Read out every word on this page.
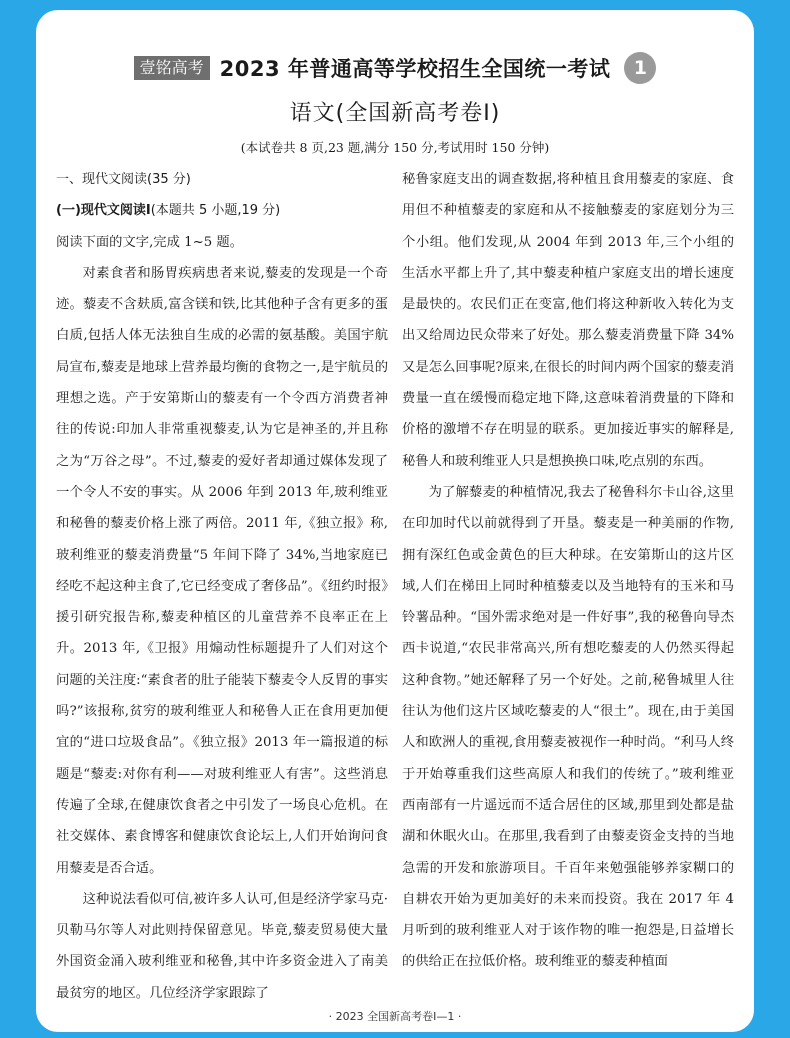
壹铭高考 2023 年普通高等学校招生全国统一考试	1
语文(全国新高考卷Ⅰ)
(本试卷共 8 页,23 题,满分 150 分,考试用时 150 分钟)

一、现代文阅读(35 分)

(一)现代文阅读Ⅰ(本题共 5 小题,19 分)

阅读下面的文字,完成 1~5 题。

对素食者和肠胃疾病患者来说,藜麦的发现是一个奇迹。藜麦不含麸质,富含镁和铁,比其他种子含有更多的蛋白质,包括人体无法独自生成的必需的氨基酸。美国宇航局宣布,藜麦是地球上营养最均衡的食物之一,是宇航员的理想之选。产于安第斯山的藜麦有一个令西方消费者神往的传说:印加人非常重视藜麦,认为它是神圣的,并且称之为“万谷之母”。不过,藜麦的爱好者却通过媒体发现了一个令人不安的事实。从 2006 年到 2013 年,玻利维亚和秘鲁的藜麦价格上涨了两倍。2011 年,《独立报》称,玻利维亚的藜麦消费量“5 年间下降了 34%,当地家庭已经吃不起这种主食了,它已经变成了奢侈品”。《纽约时报》援引研究报告称,藜麦种植区的儿童营养不良率正在上升。2013 年,《卫报》用煽动性标题提升了人们对这个问题的关注度:“素食者的肚子能装下藜麦令人反胃的事实吗?”该报称,贫穷的玻利维亚人和秘鲁人正在食用更加便宜的“进口垃圾食品”。《独立报》2013 年一篇报道的标题是“藜麦:对你有利——对玻利维亚人有害”。这些消息传遍了全球,在健康饮食者之中引发了一场良心危机。在社交媒体、素食博客和健康饮食论坛上,人们开始询问食用藜麦是否合适。

这种说法看似可信,被许多人认可,但是经济学家马克·贝勒马尔等人对此则持保留意见。毕竟,藜麦贸易使大量外国资金涌入玻利维亚和秘鲁,其中许多资金进入了南美最贫穷的地区。几位经济学家跟踪了

秘鲁家庭支出的调查数据,将种植且食用藜麦的家庭、食用但不种植藜麦的家庭和从不接触藜麦的家庭划分为三个小组。他们发现,从 2004 年到 2013 年,三个小组的生活水平都上升了,其中藜麦种植户家庭支出的增长速度是最快的。农民们正在变富,他们将这种新收入转化为支出又给周边民众带来了好处。那么藜麦消费量下降 34%又是怎么回事呢?原来,在很长的时间内两个国家的藜麦消费量一直在缓慢而稳定地下降,这意味着消费量的下降和价格的激增不存在明显的联系。更加接近事实的解释是,秘鲁人和玻利维亚人只是想换换口味,吃点别的东西。

为了解藜麦的种植情况,我去了秘鲁科尔卡山谷,这里在印加时代以前就得到了开垦。藜麦是一种美丽的作物,拥有深红色或金黄色的巨大种球。在安第斯山的这片区域,人们在梯田上同时种植藜麦以及当地特有的玉米和马铃薯品种。“国外需求绝对是一件好事”,我的秘鲁向导杰西卡说道,“农民非常高兴,所有想吃藜麦的人仍然买得起这种食物。”她还解释了另一个好处。之前,秘鲁城里人往往认为他们这片区域吃藜麦的人“很土”。现在,由于美国人和欧洲人的重视,食用藜麦被视作一种时尚。“利马人终于开始尊重我们这些高原人和我们的传统了。”玻利维亚西南部有一片遥远而不适合居住的区域,那里到处都是盐湖和休眠火山。在那里,我看到了由藜麦资金支持的当地急需的开发和旅游项目。千百年来勉强能够养家糊口的自耕农开始为更加美好的未来而投资。我在 2017 年 4 月听到的玻利维亚人对于该作物的唯一抱怨是,日益增长的供给正在拉低价格。玻利维亚的藜麦种植面

· 2023 全国新高考卷Ⅰ—1 ·
